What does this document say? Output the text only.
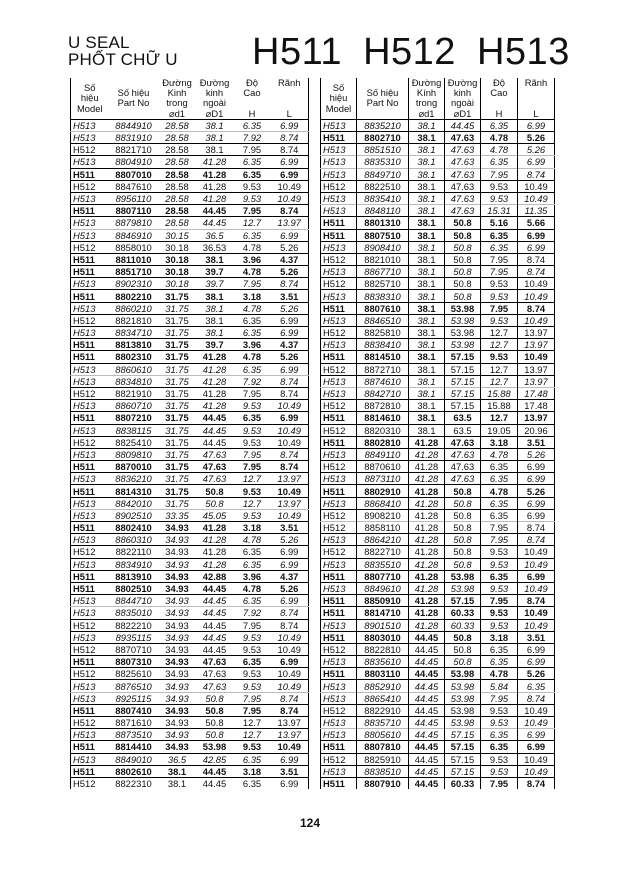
U SEAL
PHỐT CHỮ U H511 H512 H513
Số
hiệu
Model	Số hiệu
Part No	Đường
Kinh
trong
⌀d1	Đường
kinh
ngoài
⌀D1	Độ
Cao

H	Rãnh

L
H513	8844910	28.58	38.1	6.35	6.99
H513	8831910	28.58	38.1	7.92	8.74
H512	8821710	28.58	38.1	7.95	8.74
H513	8804910	28.58	41.28	6.35	6.99
H511	8807010	28.58	41.28	6.35	6.99
H512	8847610	28.58	41.28	9.53	10.49
H513	8956110	28.58	41.28	9.53	10.49
H511	8807110	28.58	44.45	7.95	8.74
H513	8879810	28.58	44.45	12.7	13.97
H513	8846910	30.15	36.5	6.35	6.99
H512	8858010	30.18	36.53	4.78	5.26
H511	8811010	30.18	38.1	3.96	4.37
H511	8851710	30.18	39.7	4.78	5.26
H513	8902310	30.18	39.7	7.95	8.74
H511	8802210	31.75	38.1	3.18	3.51
H513	8860210	31.75	38.1	4.78	5.26
H512	8821810	31.75	38.1	6.35	6.99
H513	8834710	31.75	38.1	6.35	6.99
H511	8813810	31.75	39.7	3.96	4.37
H511	8802310	31.75	41.28	4.78	5.26
H513	8860610	31.75	41.28	6.35	6.99
H513	8834810	31.75	41.28	7.92	8.74
H512	8821910	31.75	41.28	7.95	8.74
H513	8860710	31.75	41.28	9.53	10.49
H511	8807210	31.75	44.45	6.35	6.99
H513	8838115	31.75	44.45	9.53	10.49
H512	8825410	31.75	44.45	9.53	10.49
H513	8809810	31.75	47.63	7.95	8.74
H511	8870010	31.75	47.63	7.95	8.74
H513	8836210	31.75	47.63	12.7	13.97
H511	8814310	31.75	50.8	9.53	10.49
H513	8842010	31.75	50.8	12.7	13.97
H513	8902510	33.35	45.05	9.53	10.49
H511	8802410	34.93	41.28	3.18	3.51
H513	8860310	34.93	41.28	4.78	5.26
H512	8822110	34.93	41.28	6.35	6.99
H513	8834910	34.93	41.28	6.35	6.99
H511	8813910	34.93	42.88	3.96	4.37
H511	8802510	34.93	44.45	4.78	5.26
H513	8844710	34.93	44.45	6.35	6.99
H513	8835010	34.93	44.45	7.92	8.74
H512	8822210	34.93	44.45	7.95	8.74
H513	8935115	34.93	44.45	9.53	10.49
H512	8870710	34.93	44.45	9.53	10.49
H511	8807310	34.93	47.63	6.35	6.99
H512	8825610	34.93	47.63	9.53	10.49
H513	8876510	34.93	47.63	9.53	10.49
H513	8925115	34.93	50.8	7.95	8.74
H511	8807410	34.93	50.8	7.95	8.74
H512	8871610	34.93	50.8	12.7	13.97
H513	8873510	34.93	50.8	12.7	13.97
H511	8814410	34.93	53.98	9.53	10.49
H513	8849010	36.5	42.85	6.35	6.99
H511	8802610	38.1	44.45	3.18	3.51
H512	8822310	38.1	44.45	6.35	6.99
Số
hiệu
Model	Số hiệu
Part No	Đường
Kính
trong
⌀d1	Đường
kinh
ngoài
⌀D1	Độ
Cao

H	Rãnh

L
H513	8835210	38.1	44.45	6.35	6.99
H511	8802710	38.1	47.63	4.78	5.26
H513	8851510	38.1	47.63	4.78	5.26
H513	8835310	38.1	47.63	6.35	6.99
H513	8849710	38.1	47.63	7.95	8.74
H512	8822510	38.1	47.63	9.53	10.49
H513	8835410	38.1	47.63	9.53	10.49
H513	8848110	38.1	47.63	15.31	11.35
H511	8801310	38.1	50.8	5.16	5.66
H511	8807510	38.1	50.8	6.35	6.99
H513	8908410	38.1	50.8	6.35	6.99
H512	8821010	38.1	50.8	7.95	8.74
H513	8867710	38.1	50.8	7.95	8.74
H512	8825710	38.1	50.8	9.53	10.49
H513	8838310	38.1	50.8	9.53	10.49
H511	8807610	38.1	53.98	7.95	8.74
H513	8846510	38.1	53.98	9.53	10.49
H512	8825810	38.1	53.98	12.7	13.97
H513	8838410	38.1	53.98	12.7	13.97
H511	8814510	38.1	57.15	9.53	10.49
H512	8872710	38.1	57.15	12.7	13.97
H513	8874610	38.1	57.15	12.7	13.97
H513	8842710	38.1	57.15	15.88	17.48
H512	8872810	38.1	57.15	15.88	17.48
H511	8814610	38.1	63.5	12.7	13.97
H512	8820310	38.1	63.5	19.05	20.96
H511	8802810	41.28	47.63	3.18	3.51
H513	8849110	41.28	47.63	4.78	5.26
H512	8870610	41.28	47.63	6.35	6.99
H513	8873110	41.28	47.63	6.35	6.99
H511	8802910	41.28	50.8	4.78	5.26
H513	8868410	41.28	50.8	6.35	6.99
H512	8908210	41.28	50.8	6.35	6.99
H512	8858110	41.28	50.8	7.95	8.74
H513	8864210	41.28	50.8	7.95	8.74
H512	8822710	41.28	50.8	9.53	10.49
H513	8835510	41.28	50.8	9.53	10.49
H511	8807710	41.28	53.98	6.35	6.99
H513	8849610	41.28	53.98	9.53	10.49
H511	8850910	41.28	57.15	7.95	8.74
H511	8814710	41.28	60.33	9.53	10.49
H513	8901510	41.28	60.33	9.53	10.49
H511	8803010	44.45	50.8	3.18	3.51
H512	8822810	44.45	50.8	6.35	6.99
H513	8835610	44.45	50.8	6.35	6.99
H511	8803110	44.45	53.98	4.78	5.26
H513	8852910	44.45	53.98	5.84	6.35
H513	8865410	44.45	53.98	7.95	8.74
H512	8822910	44.45	53.98	9.53	10.49
H513	8835710	44.45	53.98	9.53	10.49
H513	8805610	44.45	57.15	6.35	6.99
H511	8807810	44.45	57.15	6.35	6.99
H512	8825910	44.45	57.15	9.53	10.49
H513	8838510	44.45	57.15	9.53	10.49
H511	8807910	44.45	60.33	7.95	8.74
124
